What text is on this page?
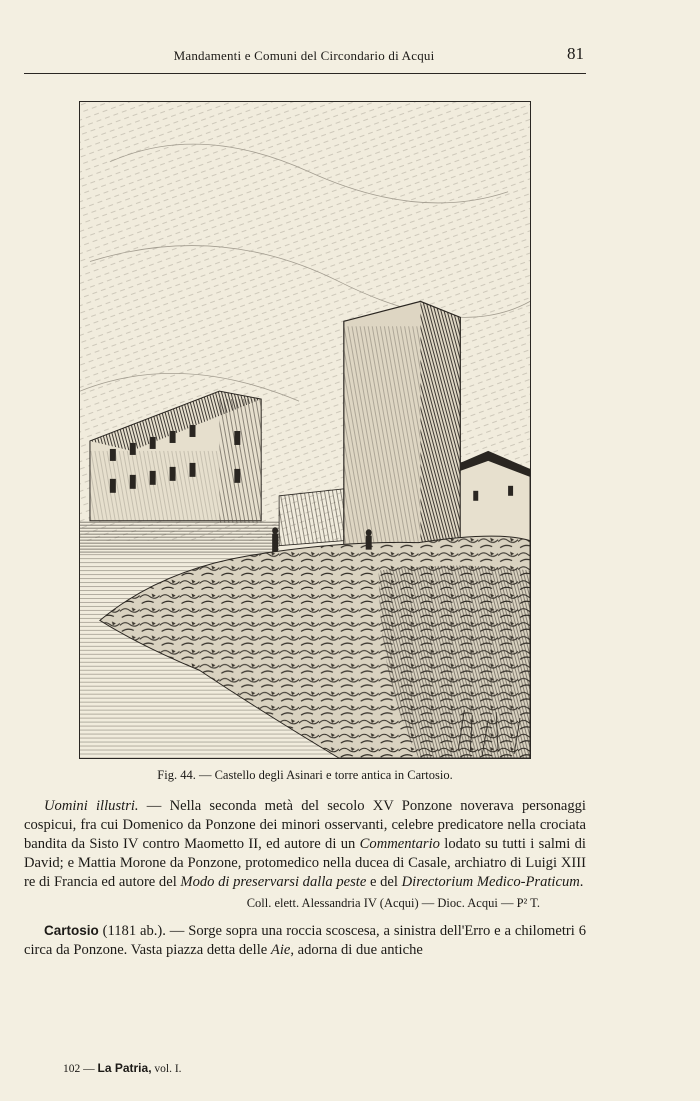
Mandamenti e Comuni del Circondario di Acqui	81
Fig. 44. — Castello degli Asinari e torre antica in Cartosio.

Uomini illustri. — Nella seconda metà del secolo XV Ponzone noverava personaggi cospicui, fra cui Domenico da Ponzone dei minori osservanti, celebre predicatore nella crociata bandita da Sisto IV contro Maometto II, ed autore di un Commentario lodato su tutti i salmi di David; e Mattia Morone da Ponzone, protomedico nella ducea di Casale, archiatro di Luigi XIII re di Francia ed autore del Modo di preservarsi dalla peste e del Directorium Medico-Praticum.

Coll. elett. Alessandria IV (Acqui) — Dioc. Acqui — P² T.

Cartosio (1181 ab.). — Sorge sopra una roccia scoscesa, a sinistra dell'Erro e a chilometri 6 circa da Ponzone. Vasta piazza detta delle Aie, adorna di due antiche

102 — La Patria, vol. I.
